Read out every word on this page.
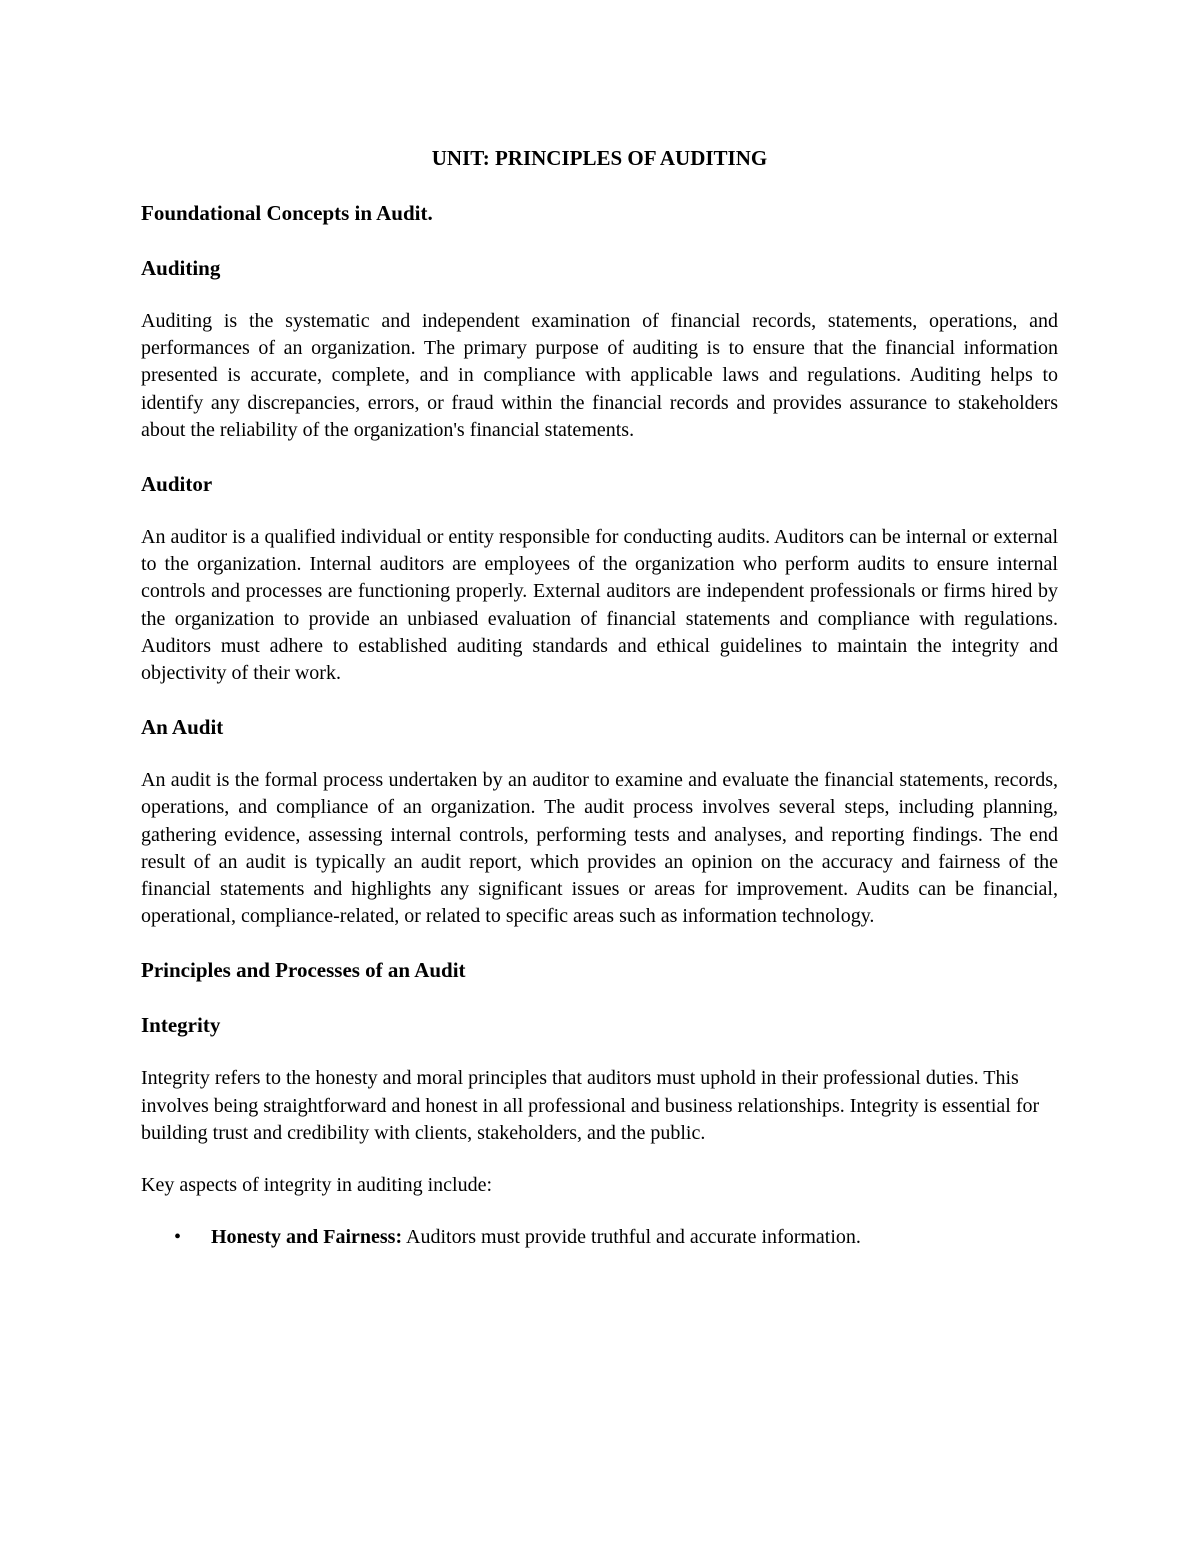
UNIT: PRINCIPLES OF AUDITING
Foundational Concepts in Audit.
Auditing

Auditing is the systematic and independent examination of financial records, statements, operations, and performances of an organization. The primary purpose of auditing is to ensure that the financial information presented is accurate, complete, and in compliance with applicable laws and regulations. Auditing helps to identify any discrepancies, errors, or fraud within the financial records and provides assurance to stakeholders about the reliability of the organization's financial statements.

Auditor

An auditor is a qualified individual or entity responsible for conducting audits. Auditors can be internal or external to the organization. Internal auditors are employees of the organization who perform audits to ensure internal controls and processes are functioning properly. External auditors are independent professionals or firms hired by the organization to provide an unbiased evaluation of financial statements and compliance with regulations. Auditors must adhere to established auditing standards and ethical guidelines to maintain the integrity and objectivity of their work.

An Audit

An audit is the formal process undertaken by an auditor to examine and evaluate the financial statements, records, operations, and compliance of an organization. The audit process involves several steps, including planning, gathering evidence, assessing internal controls, performing tests and analyses, and reporting findings. The end result of an audit is typically an audit report, which provides an opinion on the accuracy and fairness of the financial statements and highlights any significant issues or areas for improvement. Audits can be financial, operational, compliance-related, or related to specific areas such as information technology.

Principles and Processes of an Audit
Integrity

Integrity refers to the honesty and moral principles that auditors must uphold in their professional duties. This involves being straightforward and honest in all professional and business relationships. Integrity is essential for building trust and credibility with clients, stakeholders, and the public.

Key aspects of integrity in auditing include:

• Honesty and Fairness: Auditors must provide truthful and accurate information.
